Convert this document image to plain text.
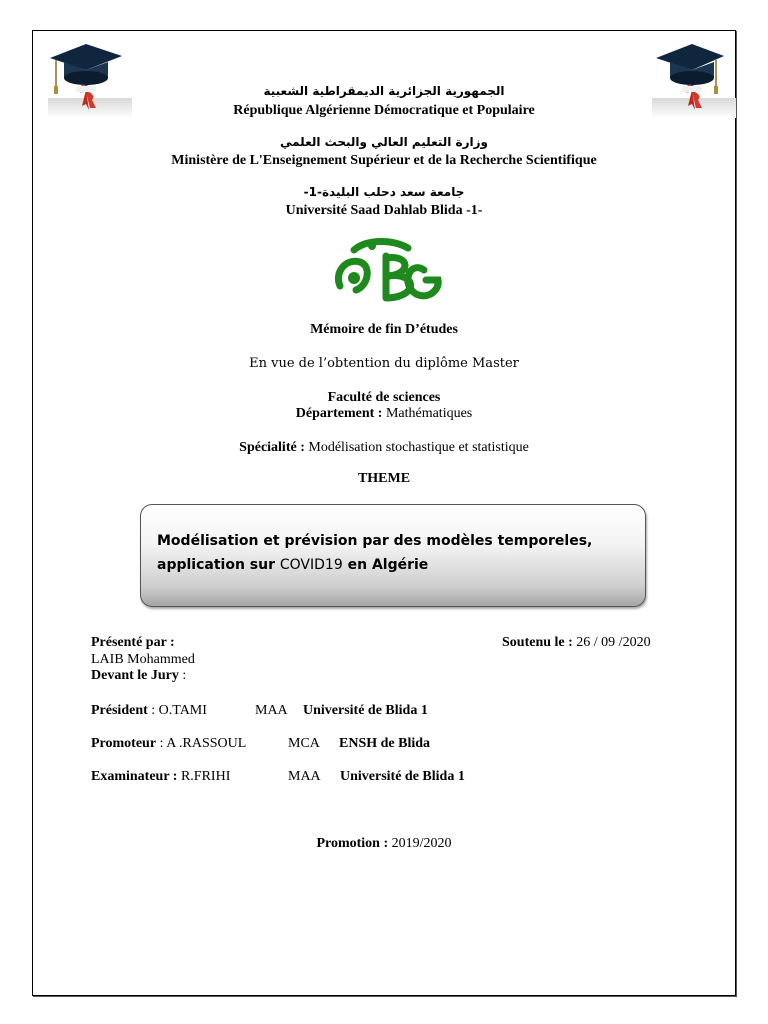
الجمهورية الجزائرية الديمقراطية الشعبية
République Algérienne Démocratique et Populaire
وزارة التعليم العالي والبحث العلمي
Ministère de L'Enseignement Supérieur et de la Recherche Scientifique
جامعة سعد دحلب البليدة-1-
Université Saad Dahlab Blida -1-
Mémoire de fin D’études
En vue de l’obtention du diplôme Master
Faculté de sciences
Département : Mathématiques
Spécialité : Modélisation stochastique et statistique
THEME
Modélisation et prévision par des modèles temporeles,
application sur COVID19 en Algérie
Présenté par :
LAIB Mohammed
Devant le Jury :
Soutenu le : 26 / 09 /2020
Président : O.TAMI	MAA Université de Blida 1
Promoteur : A .RASSOUL	MCA ENSH de Blida
Examinateur : R.FRIHI	MAA Université de Blida 1
Promotion : 2019/2020
